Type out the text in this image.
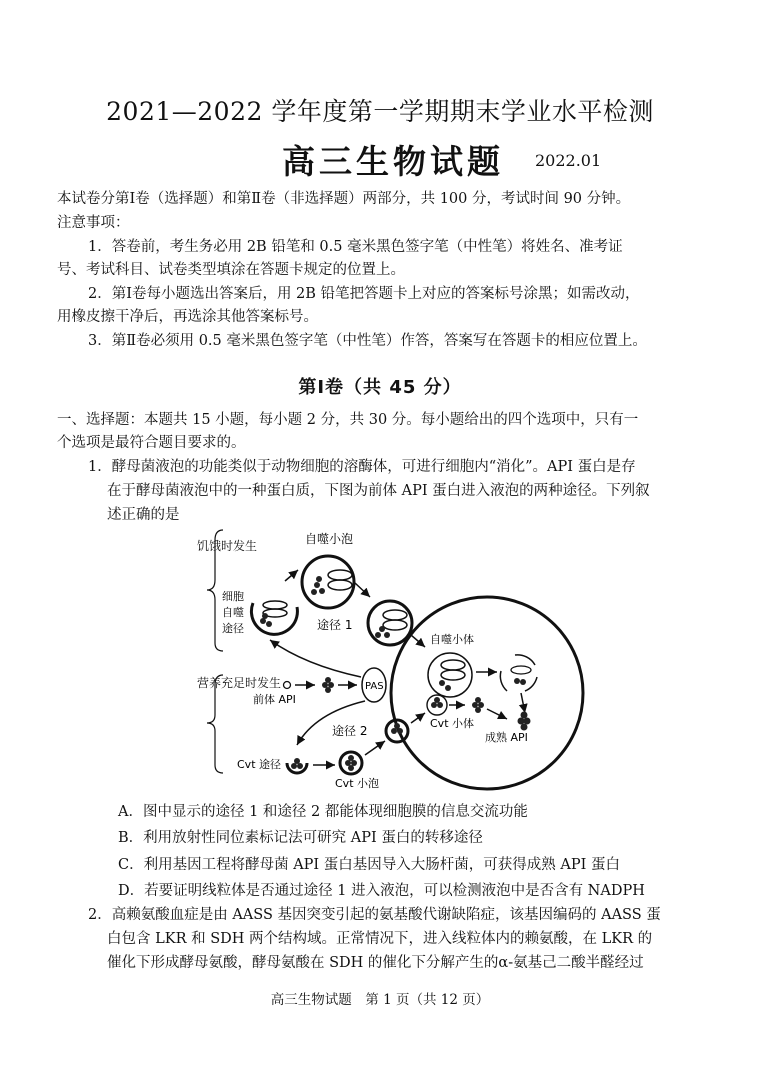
2021—2022 学年度第一学期期末学业水平检测
高三生物试题 2022.01
本试卷分第Ⅰ卷（选择题）和第Ⅱ卷（非选择题）两部分，共 100 分，考试时间 90 分钟。
注意事项：
1．答卷前，考生务必用 2B 铅笔和 0.5 毫米黑色签字笔（中性笔）将姓名、准考证
号、考试科目、试卷类型填涂在答题卡规定的位置上。
2．第Ⅰ卷每小题选出答案后，用 2B 铅笔把答题卡上对应的答案标号涂黑；如需改动，
用橡皮擦干净后，再选涂其他答案标号。
3．第Ⅱ卷必须用 0.5 毫米黑色签字笔（中性笔）作答，答案写在答题卡的相应位置上。
第Ⅰ卷（共 45 分）
一、选择题：本题共 15 小题，每小题 2 分，共 30 分。每小题给出的四个选项中，只有一
个选项是最符合题目要求的。
1．酵母菌液泡的功能类似于动物细胞的溶酶体，可进行细胞内“消化”。API 蛋白是存
在于酵母菌液泡中的一种蛋白质，下图为前体 API 蛋白进入液泡的两种途径。下列叙
述正确的是
饥饿时发生
营养充足时发生
细胞
自噬
途径
自噬小泡
途径 1
自噬小体
PAS
前体 API
途径 2
Cvt 途径
Cvt 小泡
Cvt 小体
成熟 API
A．图中显示的途径 1 和途径 2 都能体现细胞膜的信息交流功能
B．利用放射性同位素标记法可研究 API 蛋白的转移途径
C．利用基因工程将酵母菌 API 蛋白基因导入大肠杆菌，可获得成熟 API 蛋白
D．若要证明线粒体是否通过途径 1 进入液泡，可以检测液泡中是否含有 NADPH
2．高赖氨酸血症是由 AASS 基因突变引起的氨基酸代谢缺陷症，该基因编码的 AASS 蛋
白包含 LKR 和 SDH 两个结构域。正常情况下，进入线粒体内的赖氨酸，在 LKR 的
催化下形成酵母氨酸，酵母氨酸在 SDH 的催化下分解产生的α-氨基己二酸半醛经过
高三生物试题　第 1 页（共 12 页）
